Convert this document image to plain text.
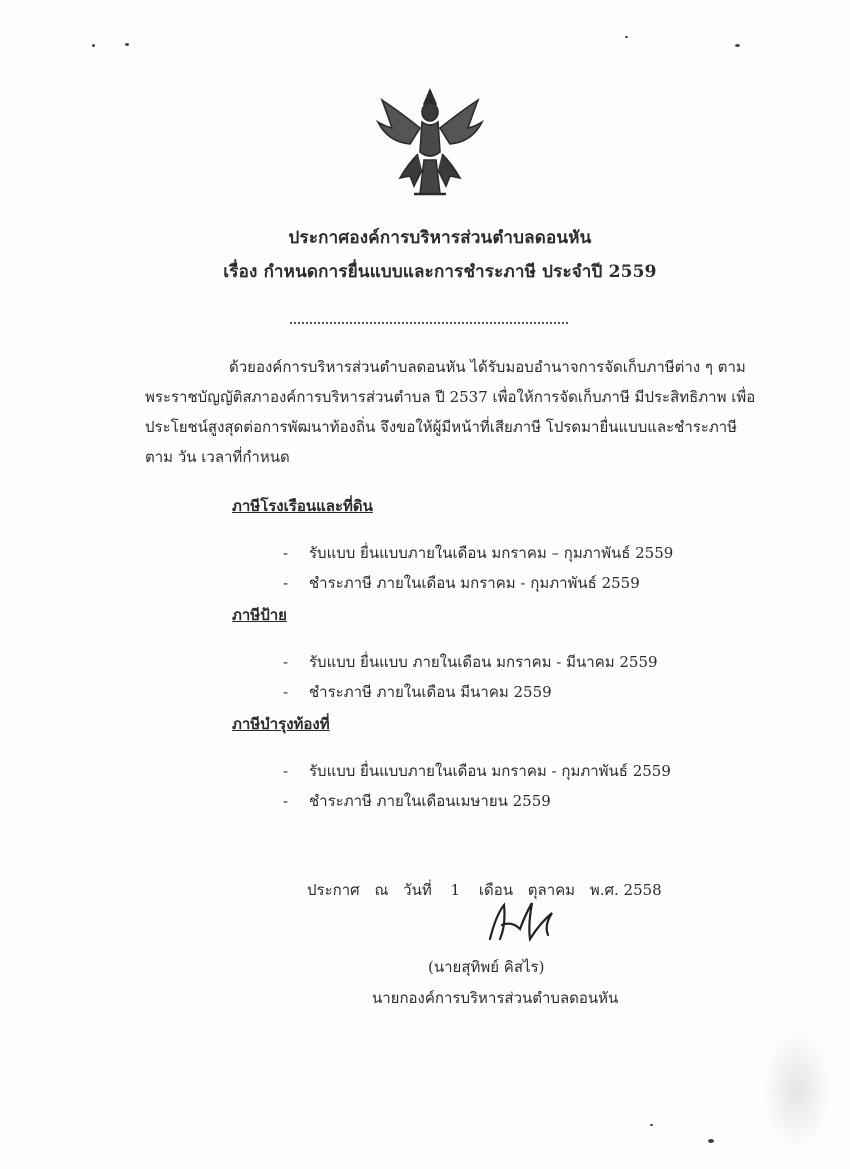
ประกาศองค์การบริหารส่วนตำบลดอนหัน
เรื่อง กำหนดการยื่นแบบและการชำระภาษี ประจำปี 2559
ด้วยองค์การบริหารส่วนตำบลดอนหัน ได้รับมอบอำนาจการจัดเก็บภาษีต่าง ๆ ตาม
พระราชบัญญัติสภาองค์การบริหารส่วนตำบล ปี 2537 เพื่อให้การจัดเก็บภาษี มีประสิทธิภาพ เพื่อ
ประโยชน์สูงสุดต่อการพัฒนาท้องถิ่น จึงขอให้ผู้มีหน้าที่เสียภาษี โปรดมายื่นแบบและชำระภาษี
ตาม วัน เวลาที่กำหนด
ภาษีโรงเรือนและที่ดิน
- รับแบบ ยื่นแบบภายในเดือน มกราคม – กุมภาพันธ์ 2559
- ชำระภาษี ภายในเดือน มกราคม - กุมภาพันธ์ 2559
ภาษีป้าย
- รับแบบ ยื่นแบบ ภายในเดือน มกราคม - มีนาคม 2559
- ชำระภาษี ภายในเดือน มีนาคม 2559
ภาษีบำรุงท้องที่
- รับแบบ ยื่นแบบภายในเดือน มกราคม - กุมภาพันธ์ 2559
- ชำระภาษี ภายในเดือนเมษายน 2559
ประกาศ ณ วันที่ 1 เดือน ตุลาคม พ.ศ. 2558
(นายสุทิพย์ คิสไร)
นายกองค์การบริหารส่วนตำบลดอนหัน
